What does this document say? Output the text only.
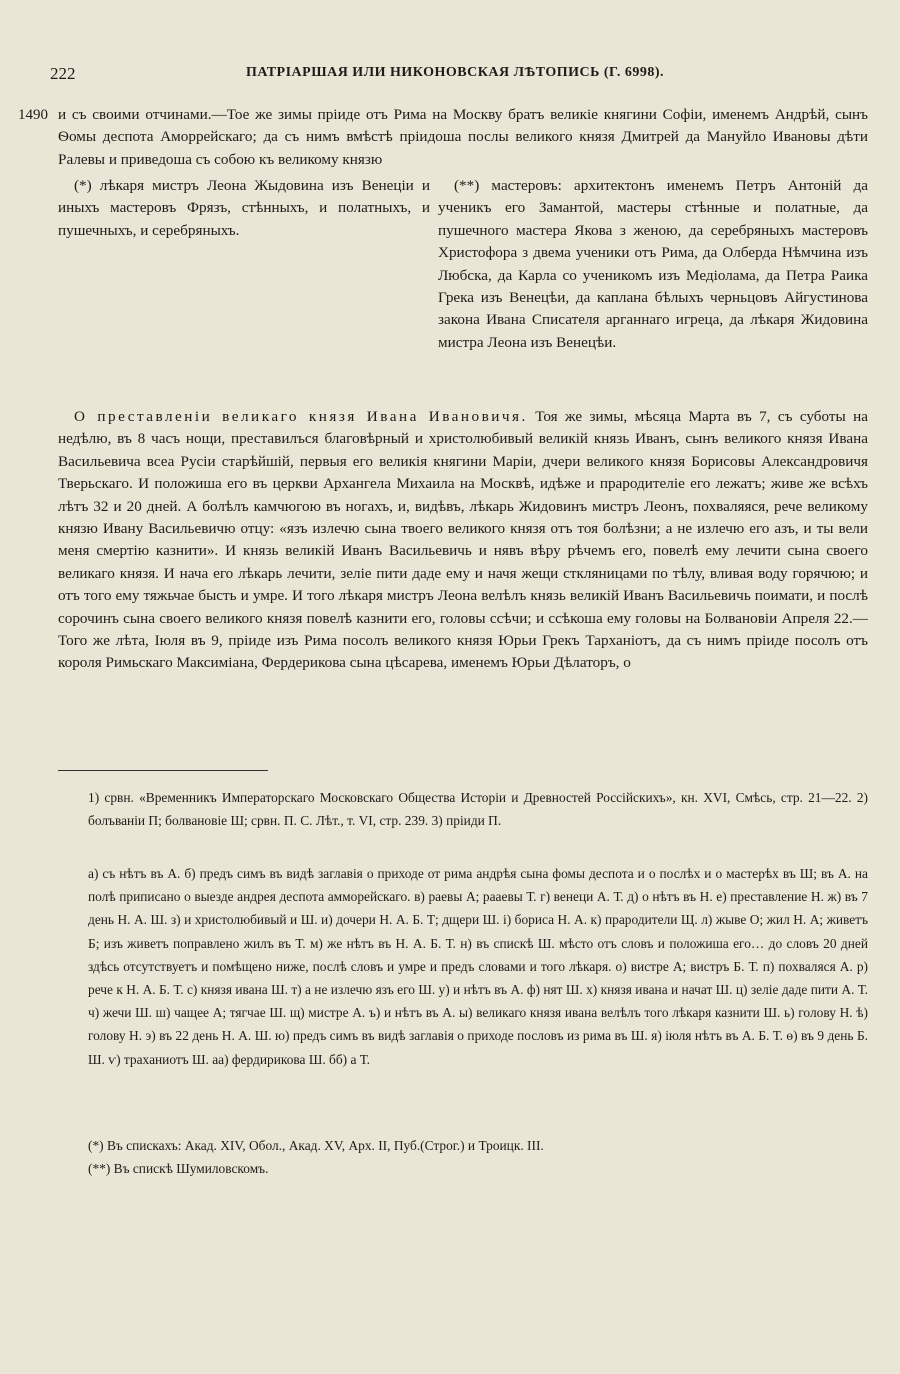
222	ПАТРІАРШАЯ ИЛИ НИКОНОВСКАЯ ЛѢТОПИСЬ (Г. 6998).
1490 и съ своими отчинами.—Тое же зимы пріиде отъ Рима на Москву братъ великіе княгини Софіи, именемъ Андрѣй, сынъ Ѳомы деспота Аморрейскаго; да съ нимъ вмѣстѣ пріидоша послы великого князя Дмитрей да Мануйло Ивановы дѣти Ралевы и приведоша съ собою къ великому князю

(*) лѣкаря мистръ Леона Жыдовина изъ Венеціи и иныхъ мастеровъ Фрязъ, стѣнныхъ, и полатныхъ, и пушечныхъ, и серебряныхъ.
(**) мастеровъ: архитектонъ именемъ Петръ Антоній да ученикъ его Замантой, мастеры стѣнные и полатные, да пушечного мастера Якова з женою, да серебряныхъ мастеровъ Христофора з двема ученики отъ Рима, да Олберда Нѣмчина изъ Любска, да Карла со ученикомъ изъ Медіолама, да Петра Раика Грека изъ Венецѣи, да каплана бѣлыхъ черньцовъ Айгустинова закона Ивана Списателя арганнаго игреца, да лѣкаря Жидовина мистра Леона изъ Венецѣи.

О преставленіи великаго князя Ивана Ивановичя. Тоя же зимы, мѣсяца Марта въ 7, съ суботы на недѣлю, въ 8 часъ нощи, преставилъся благовѣрный и христолюбивый великій князь Иванъ, сынъ великого князя Ивана Васильевича всеа Русіи старѣйшій, первыя его великія княгини Маріи, дчери великого князя Борисовы Александровичя Тверьскаго. И положиша его въ церкви Архангела Михаила на Москвѣ, идѣже и прародителіе его лежатъ; живе же всѣхъ лѣтъ 32 и 20 дней. А болѣлъ камчюгою въ ногахъ, и, видѣвъ, лѣкарь Жидовинъ мистръ Леонъ, похваляяся, рече великому князю Ивану Васильевичю отцу: «язъ излечю сына твоего великого князя отъ тоя болѣзни; а не излечю его азъ, и ты вели меня смертію казнити». И князь великій Иванъ Васильевичь и нявъ вѣру рѣчемъ его, повелѣ ему лечити сына своего великаго князя. И нача его лѣкарь лечити, зеліе пити даде ему и начя жещи сткляницами по тѣлу, вливая воду горячюю; и отъ того ему тяжьчае бысть и умре. И того лѣкаря мистръ Леона велѣлъ князь великій Иванъ Васильевичь поимати, и послѣ сорочинъ сына своего великого князя повелѣ казнити его, головы ссѣчи; и ссѣкоша ему головы на Болвановіи Апреля 22.—Того же лѣта, Іюля въ 9, пріиде изъ Рима посолъ великого князя Юрьи Грекъ Тарханіотъ, да съ нимъ пріиде посолъ отъ короля Римьскаго Максиміана, Фердерикова сына цѣсарева, именемъ Юрьи Дѣлаторъ, о

1) срвн. «Временникъ Императорскаго Московскаго Общества Исторіи и Древностей Россійскихъ», кн. XVI, Смѣсь, стр. 21—22. 2) болъваніи П; болвановіе Ш; срвн. П. С. Лѣт., т. VI, стр. 239. 3) пріиди П.

а) съ нѣтъ въ А. б) предъ симъ въ видѣ заглавія о приходе от рима андрѣя сына фомы деспота и о послѣх и о мастерѣх въ Ш; въ А. на полѣ приписано о выезде андрея деспота амморейскаго. в) раевы А; рааевы Т. г) венеци А. Т. д) о нѣтъ въ Н. е) преставление Н. ж) въ 7 день Н. А. Ш. з) и христолюбивый и Ш. и) дочери Н. А. Б. Т; дщери Ш. і) бориса Н. А. к) прародители Щ. л) жыве О; жил Н. А; живетъ Б; изъ живетъ поправлено жилъ въ Т. м) же нѣтъ въ Н. А. Б. Т. н) въ спискѣ Ш. мѣсто отъ словъ и положиша его… до словъ 20 дней здѣсь отсутствуетъ и помѣщено ниже, послѣ словъ и умре и предъ словами и того лѣкаря. о) вистре А; вистръ Б. Т. п) похваляся А. р) рече к Н. А. Б. Т. с) князя ивана Ш. т) а не излечю язъ его Ш. у) и нѣтъ въ А. ф) нят Ш. х) князя ивана и начат Ш. ц) зеліе даде пити А. Т. ч) жечи Ш. ш) чащее А; тягчае Ш. щ) мистре А. ъ) и нѣтъ въ А. ы) великаго князя ивана велѣлъ того лѣкаря казнити Ш. ь) голову Н. ѣ) голову Н. э) въ 22 день Н. А. Ш. ю) предъ симъ въ видѣ заглавія о приходе пословъ из рима въ Ш. я) іюля нѣтъ въ А. Б. Т. ѳ) въ 9 день Б. Ш. ѵ) траханиотъ Ш. аа) фердирикова Ш. бб) а Т.

(*) Въ спискахъ: Акад. XIV, Обол., Акад. XV, Арх. II, Пуб.(Строг.) и Троицк. III.

(**) Въ спискѣ Шумиловскомъ.
